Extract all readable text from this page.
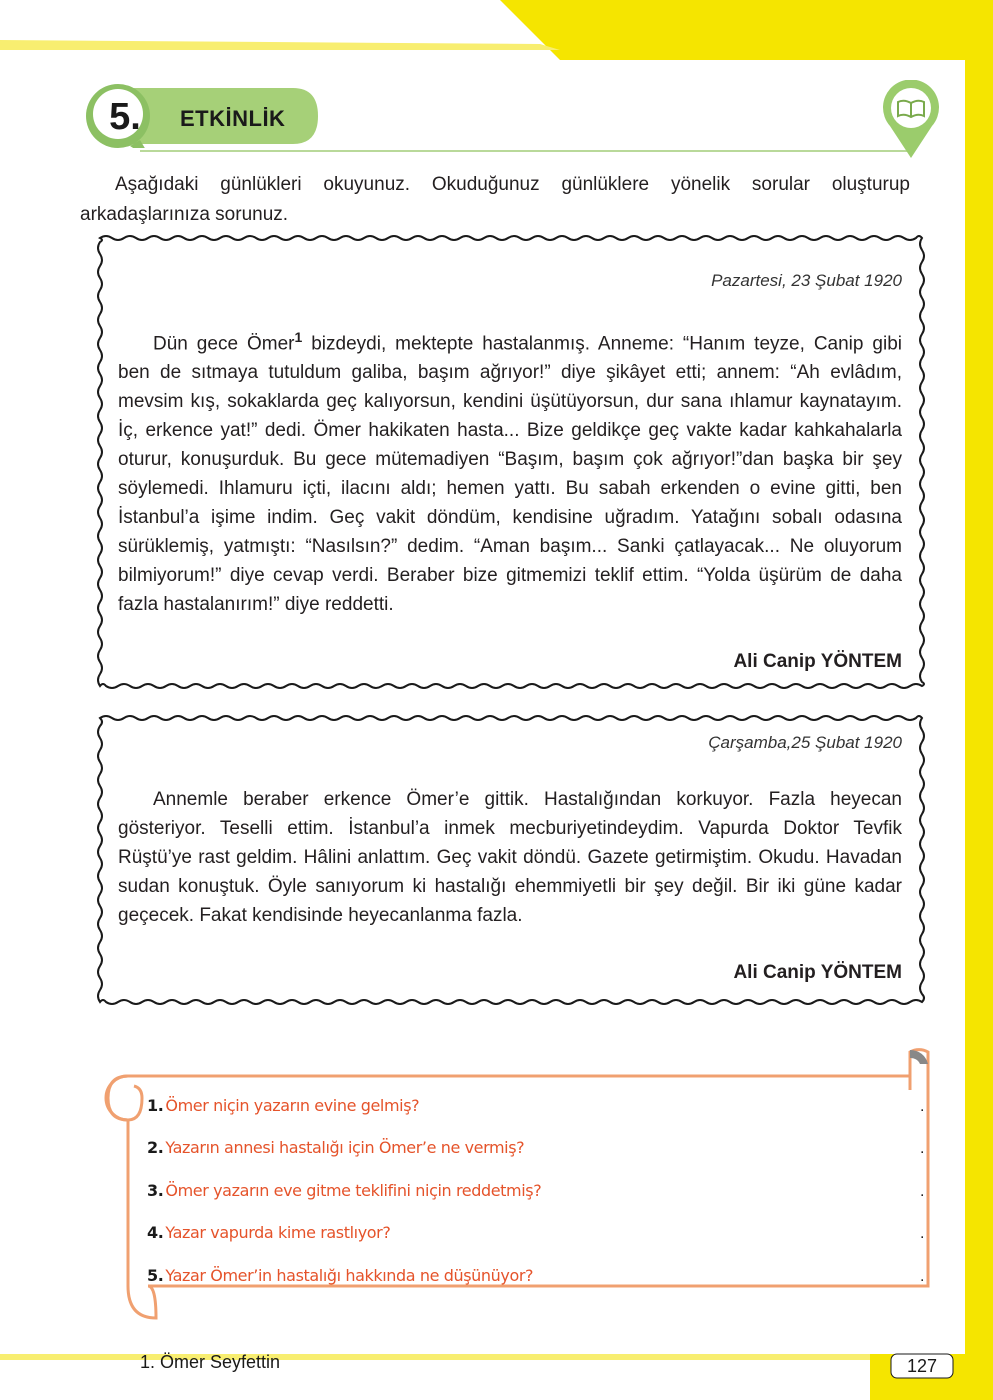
5.	ETKİNLİK
Aşağıdaki günlükleri okuyunuz. Okuduğunuz günlüklere yönelik sorular oluşturup arkadaşlarınıza sorunuz.
Pazartesi, 23 Şubat 1920
Dün gece Ömer$^1$ bizdeydi, mektepte hastalanmış. Anneme: “Hanım teyze, Canip gibi ben de sıtmaya tutuldum galiba, başım ağrıyor!” diye şikâyet etti; annem: “Ah evlâdım, mevsim kış, sokaklarda geç kalıyorsun, kendini üşütüyorsun, dur sana ıhlamur kaynatayım. İç, erkence yat!” dedi. Ömer hakikaten hasta... Bize geldikçe geç vakte kadar kahkahalarla oturur, konuşurduk. Bu gece mütemadiyen “Başım, başım çok ağrıyor!”dan başka bir şey söylemedi. Ihlamuru içti, ilacını aldı; hemen yattı. Bu sabah erkenden o evine gitti, ben İstanbul’a işime indim. Geç vakit döndüm, kendisine uğradım. Yatağını sobalı odasına sürüklemiş, yatmıştı: “Nasılsın?” dedim. “Aman başım... Sanki çatlayacak... Ne oluyorum bilmiyorum!” diye cevap verdi. Beraber bize gitmemizi teklif ettim. “Yolda üşürüm de daha fazla hastalanırım!” diye reddetti.
Ali Canip YÖNTEM
Çarşamba,25 Şubat 1920
Annemle beraber erkence Ömer’e gittik. Hastalığından korkuyor. Fazla heyecan gösteriyor. Teselli ettim. İstanbul’a inmek mecburiyetindeydim. Vapurda Doktor Tevfik Rüştü’ye rast geldim. Hâlini anlattım. Geç vakit döndü. Gazete getirmiştim. Okudu. Havadan sudan konuştuk. Öyle sanıyorum ki hastalığı ehemmiyetli bir şey değil. Bir iki güne kadar geçecek. Fakat kendisinde heyecanlanma fazla.
Ali Canip YÖNTEM
1. Ömer niçin yazarın evine gelmiş?	.
2. Yazarın annesi hastalığı için Ömer’e ne vermiş?	.
3. Ömer yazarın eve gitme teklifini niçin reddetmiş?	.
4. Yazar vapurda kime rastlıyor?	.
5. Yazar Ömer’in hastalığı hakkında ne düşünüyor?	.
1. Ömer Seyfettin	127
